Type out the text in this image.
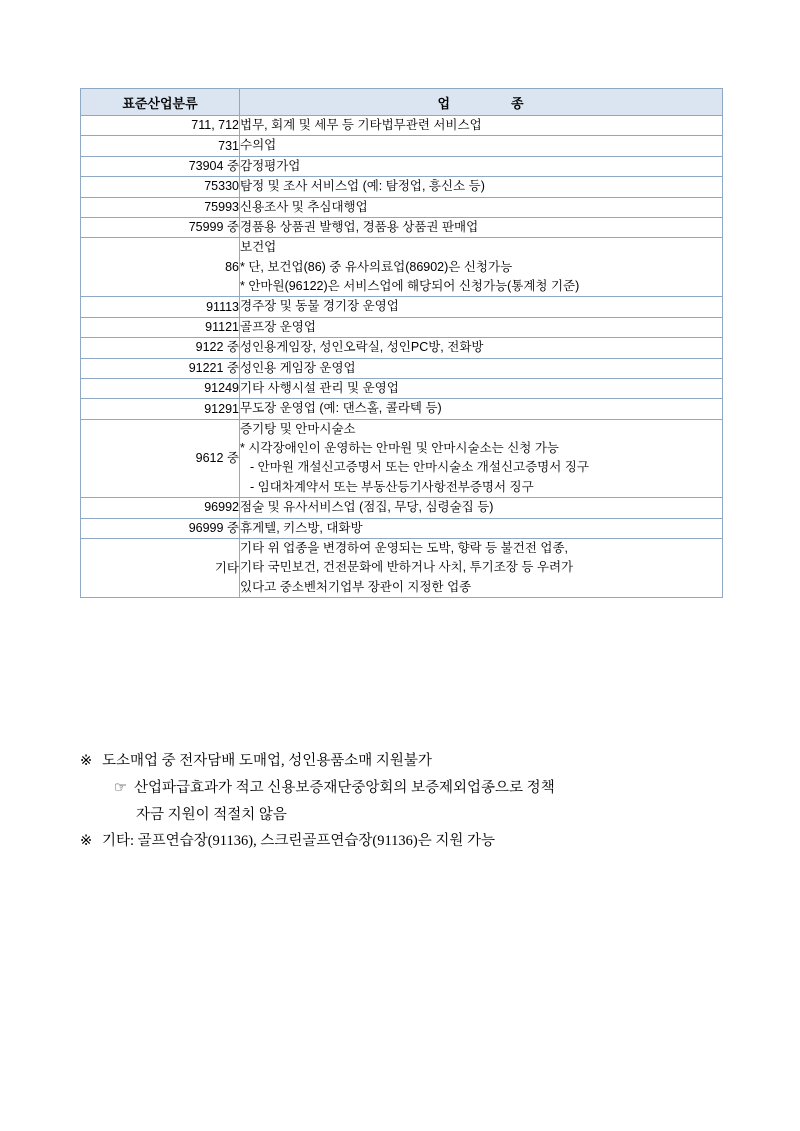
표준산업분류	업 종

711, 712	법무, 회계 및 세무 등 기타법무관련 서비스업

731	수의업

73904 중	감정평가업

75330	탐정 및 조사 서비스업 (예: 탐정업, 흥신소 등)

75993	신용조사 및 추심대행업

75999 중	경품용 상품권 발행업, 경품용 상품권 판매업

86	보건업
* 단, 보건업(86) 중 유사의료업(86902)은 신청가능
* 안마원(96122)은 서비스업에 해당되어 신청가능(통계청 기준)

91113	경주장 및 동물 경기장 운영업

91121	골프장 운영업

9122 중	성인용게임장, 성인오락실, 성인PC방, 전화방

91221 중	성인용 게임장 운영업

91249	기타 사행시설 관리 및 운영업

91291	무도장 운영업 (예: 댄스홀, 콜라텍 등)

9612 중	증기탕 및 안마시술소
* 시각장애인이 운영하는 안마원 및 안마시술소는 신청 가능
- 안마원 개설신고증명서 또는 안마시술소 개설신고증명서 징구
- 임대차계약서 또는 부동산등기사항전부증명서 징구

96992	점술 및 유사서비스업 (점집, 무당, 심령술집 등)

96999 중	휴게텔, 키스방, 대화방

기타	기타 위 업종을 변경하여 운영되는 도박, 향락 등 불건전 업종,
기타 국민보건, 건전문화에 반하거나 사치, 투기조장 등 우려가
있다고 중소벤처기업부 장관이 지정한 업종
※ 도소매업 중 전자담배 도매업, 성인용품소매 지원불가
☞ 산업파급효과가 적고 신용보증재단중앙회의 보증제외업종으로 정책
자금 지원이 적절치 않음
※ 기타: 골프연습장(91136), 스크린골프연습장(91136)은 지원 가능
